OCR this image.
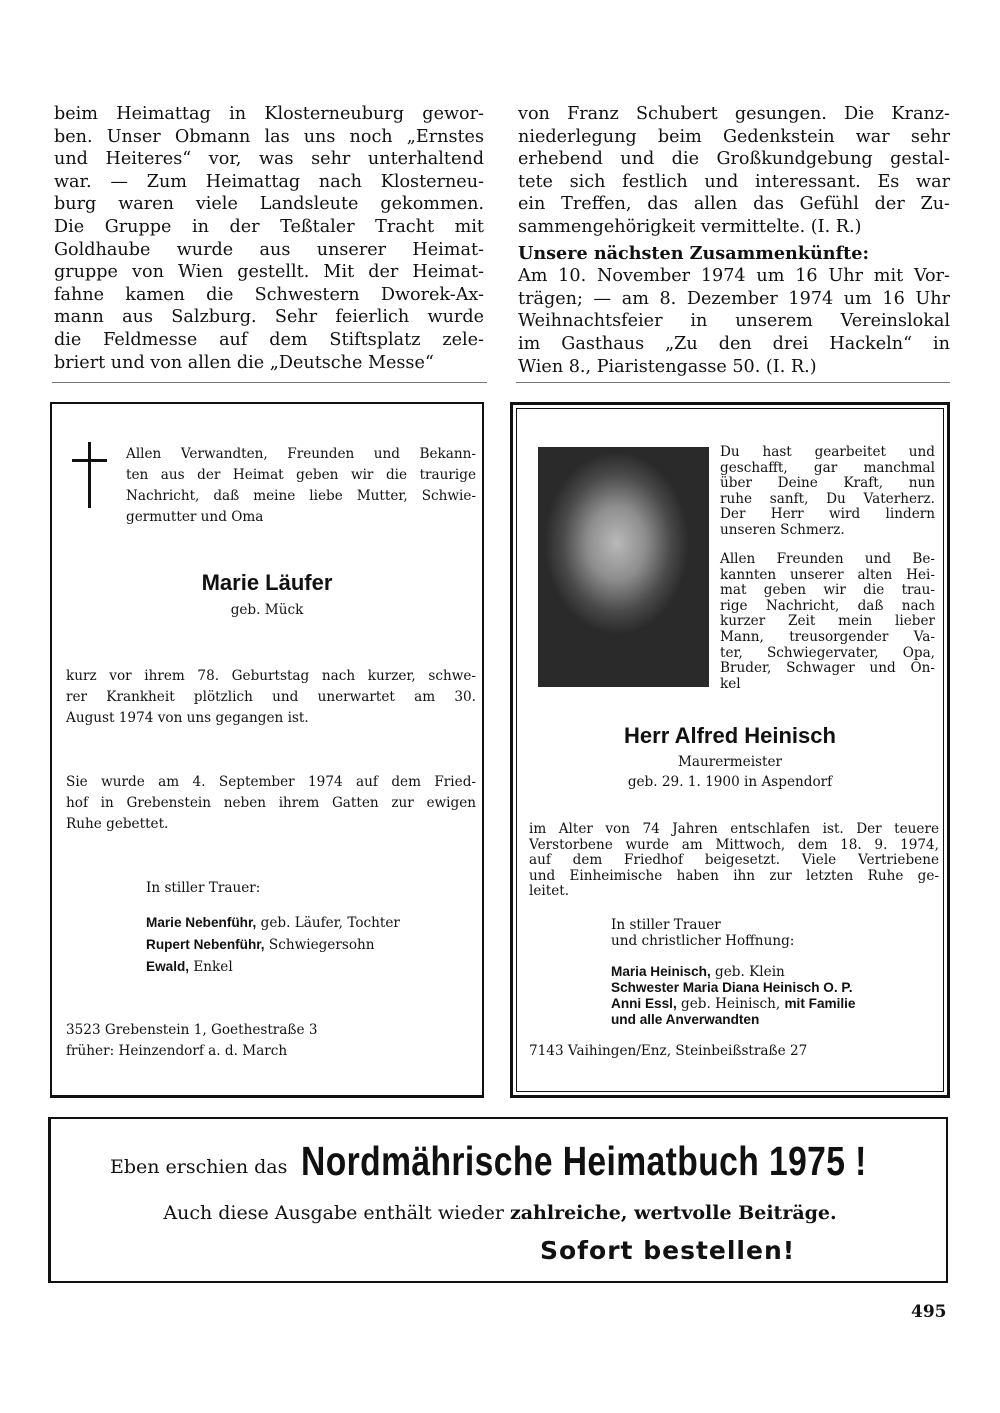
beim Heimattag in Klosterneuburg gewor-
ben. Unser Obmann las uns noch „Ernstes
und Heiteres“ vor, was sehr unterhaltend
war. — Zum Heimattag nach Klosterneu-
burg waren viele Landsleute gekommen.
Die Gruppe in der Teßtaler Tracht mit
Goldhaube wurde aus unserer Heimat-
gruppe von Wien gestellt. Mit der Heimat-
fahne kamen die Schwestern Dworek-Ax-
mann aus Salzburg. Sehr feierlich wurde
die Feldmesse auf dem Stiftsplatz zele-
briert und von allen die „Deutsche Messe“
von Franz Schubert gesungen. Die Kranz-
niederlegung beim Gedenkstein war sehr
erhebend und die Großkundgebung gestal-
tete sich festlich und interessant. Es war
ein Treffen, das allen das Gefühl der Zu-
sammengehörigkeit vermittelte. (I. R.)
Unsere nächsten Zusammenkünfte:
Am 10. November 1974 um 16 Uhr mit Vor-
trägen; — am 8. Dezember 1974 um 16 Uhr
Weihnachtsfeier in unserem Vereinslokal
im Gasthaus „Zu den drei Hackeln“ in
Wien 8., Piaristengasse 50. (I. R.)
Allen Verwandten, Freunden und Bekann-
ten aus der Heimat geben wir die traurige
Nachricht, daß meine liebe Mutter, Schwie-
germutter und Oma
Marie Läufer
geb. Mück
kurz vor ihrem 78. Geburtstag nach kurzer, schwe-
rer Krankheit plötzlich und unerwartet am 30.
August 1974 von uns gegangen ist.
Sie wurde am 4. September 1974 auf dem Fried-
hof in Grebenstein neben ihrem Gatten zur ewigen
Ruhe gebettet.
In stiller Trauer:
Marie Nebenführ, geb. Läufer, Tochter
Rupert Nebenführ, Schwiegersohn
Ewald, Enkel
3523 Grebenstein 1, Goethestraße 3
früher: Heinzendorf a. d. March
Du hast gearbeitet und
geschafft, gar manchmal
über Deine Kraft, nun
ruhe sanft, Du Vaterherz.
Der Herr wird lindern
unseren Schmerz.
Allen Freunden und Be-
kannten unserer alten Hei-
mat geben wir die trau-
rige Nachricht, daß nach
kurzer Zeit mein lieber
Mann, treusorgender Va-
ter, Schwiegervater, Opa,
Bruder, Schwager und On-
kel
Herr Alfred Heinisch
Maurermeister
geb. 29. 1. 1900 in Aspendorf
im Alter von 74 Jahren entschlafen ist. Der teuere
Verstorbene wurde am Mittwoch, dem 18. 9. 1974,
auf dem Friedhof beigesetzt. Viele Vertriebene
und Einheimische haben ihn zur letzten Ruhe ge-
leitet.
In stiller Trauer
und christlicher Hoffnung:
Maria Heinisch, geb. Klein
Schwester Maria Diana Heinisch O. P.
Anni Essl, geb. Heinisch, mit Familie
und alle Anverwandten
7143 Vaihingen/Enz, Steinbeißstraße 27
Eben erschien das Nordmährische Heimatbuch 1975 !
Auch diese Ausgabe enthält wieder zahlreiche, wertvolle Beiträge.
Sofort bestellen!
495
